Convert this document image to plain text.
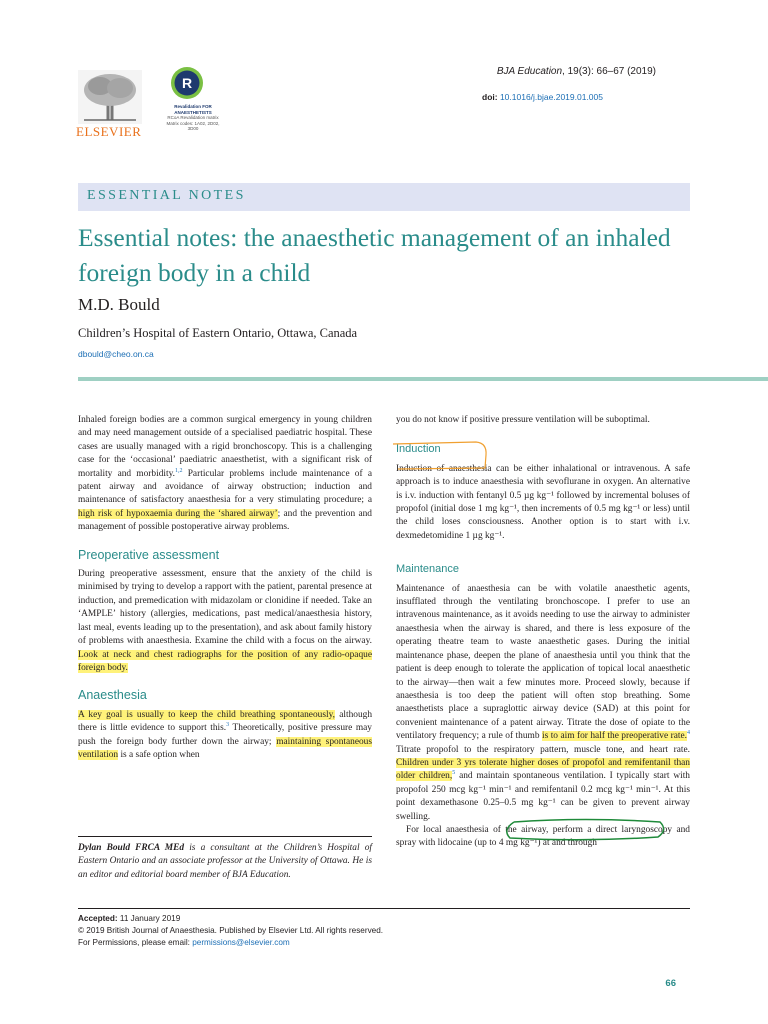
ELSEVIER
R
Revalidation FOR ANAESTHETISTS
RCoA Revalidation matrix Matrix codes: 1A02, 2D02, 3D00
BJA Education, 19(3): 66–67 (2019)
doi: 10.1016/j.bjae.2019.01.005
ESSENTIAL NOTES
Essential notes: the anaesthetic management of an inhaled foreign body in a child
M.D. Bould
Children’s Hospital of Eastern Ontario, Ottawa, Canada
dbould@cheo.on.ca

Inhaled foreign bodies are a common surgical emergency in young children and may need management outside of a specialised paediatric hospital. These cases are usually managed with a rigid bronchoscopy. This is a challenging case for the ‘occasional’ paediatric anaesthetist, with a significant risk of mortality and morbidity.$^{1,2}$ Particular problems include maintenance of a patent airway and avoidance of airway obstruction; induction and maintenance of satisfactory anaesthesia for a very stimulating procedure; a high risk of hypoxaemia during the ‘shared airway’; and the prevention and management of possible postoperative airway problems.

Preoperative assessment

During preoperative assessment, ensure that the anxiety of the child is minimised by trying to develop a rapport with the patient, parental presence at induction, and premedication with midazolam or clonidine if needed. Take an ‘AMPLE’ history (allergies, medications, past medical/anaesthesia history, last meal, events leading up to the presentation), and ask about family history of problems with anaesthesia. Examine the child with a focus on the airway. Look at neck and chest radiographs for the position of any radio-opaque foreign body.

Anaesthesia

A key goal is usually to keep the child breathing spontaneously, although there is little evidence to support this.$^3$ Theoretically, positive pressure may push the foreign body further down the airway; maintaining spontaneous ventilation is a safe option when

Dylan Bould FRCA MEd is a consultant at the Children’s Hospital of Eastern Ontario and an associate professor at the University of Ottawa. He is an editor and editorial board member of BJA Education.

you do not know if positive pressure ventilation will be suboptimal.

Induction

Induction of anaesthesia can be either inhalational or intravenous. A safe approach is to induce anaesthesia with sevoflurane in oxygen. An alternative is i.v. induction with fentanyl 0.5 µg kg⁻¹ followed by incremental boluses of propofol (initial dose 1 mg kg⁻¹, then increments of 0.5 mg kg⁻¹ or less) until the child loses consciousness. Another option is to start with i.v. dexmedetomidine 1 µg kg⁻¹.

Maintenance

Maintenance of anaesthesia can be with volatile anaesthetic agents, insufflated through the ventilating bronchoscope. I prefer to use an intravenous maintenance, as it avoids needing to use the airway to administer anaesthesia when the airway is shared, and there is less exposure of the operating theatre team to waste anaesthetic gases. During the initial maintenance phase, deepen the plane of anaesthesia until you think that the patient is deep enough to tolerate the application of topical local anaesthetic to the airway—then wait a few minutes more. Proceed slowly, because if anaesthesia is too deep the patient will often stop breathing. Some anaesthetists place a supraglottic airway device (SAD) at this point for convenient maintenance of a patent airway. Titrate the dose of opiate to the ventilatory frequency; a rule of thumb is to aim for half the preoperative rate.$^4$ Titrate propofol to the respiratory pattern, muscle tone, and heart rate. Children under 3 yrs tolerate higher doses of propofol and remifentanil than older children,$^5$ and maintain spontaneous ventilation. I typically start with propofol 250 mcg kg⁻¹ min⁻¹ and remifentanil 0.2 mcg kg⁻¹ min⁻¹. At this point dexamethasone 0.25–0.5 mg kg⁻¹ can be given to prevent airway swelling.

For local anaesthesia of the airway, perform a direct laryngoscopy and spray with lidocaine (up to 4 mg kg⁻¹) at and through

Accepted: 11 January 2019
© 2019 British Journal of Anaesthesia. Published by Elsevier Ltd. All rights reserved.
For Permissions, please email: permissions@elsevier.com
66
